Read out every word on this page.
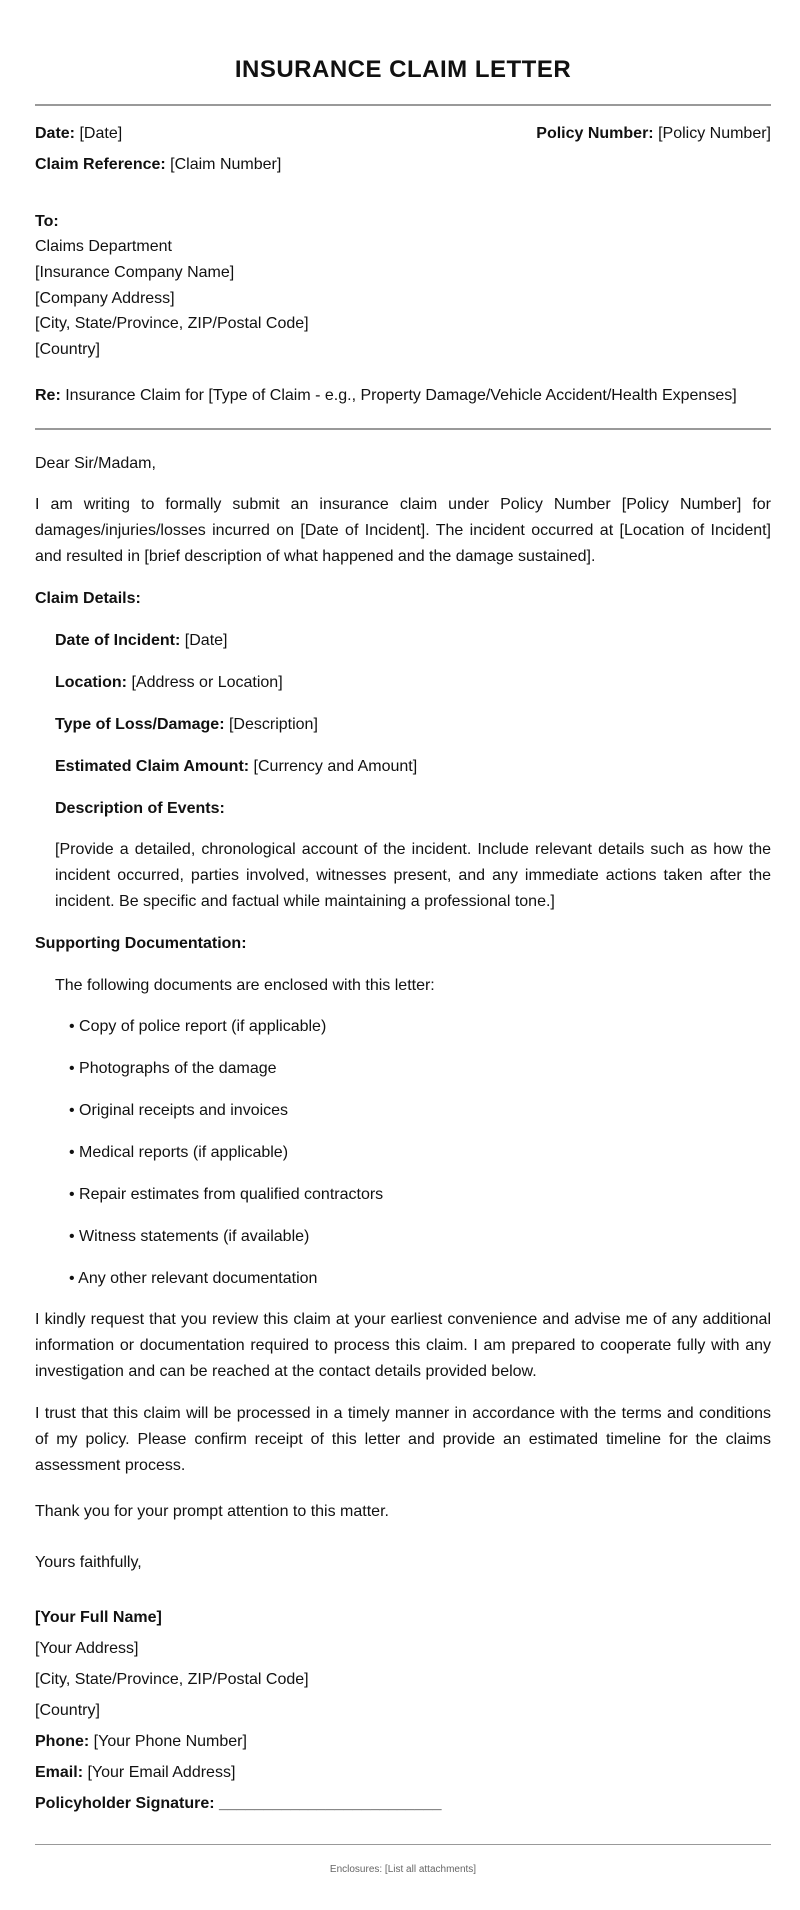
INSURANCE CLAIM LETTER
Date: [Date]	Policy Number: [Policy Number]
Claim Reference: [Claim Number]
To:
Claims Department
[Insurance Company Name]
[Company Address]
[City, State/Province, ZIP/Postal Code]
[Country]
Re: Insurance Claim for [Type of Claim - e.g., Property Damage/Vehicle Accident/Health Expenses]
Dear Sir/Madam,
I am writing to formally submit an insurance claim under Policy Number [Policy Number] for damages/injuries/losses incurred on [Date of Incident]. The incident occurred at [Location of Incident] and resulted in [brief description of what happened and the damage sustained].
Claim Details:
Date of Incident: [Date]
Location: [Address or Location]
Type of Loss/Damage: [Description]
Estimated Claim Amount: [Currency and Amount]
Description of Events:
[Provide a detailed, chronological account of the incident. Include relevant details such as how the incident occurred, parties involved, witnesses present, and any immediate actions taken after the incident. Be specific and factual while maintaining a professional tone.]
Supporting Documentation:
The following documents are enclosed with this letter:
• Copy of police report (if applicable)
• Photographs of the damage
• Original receipts and invoices
• Medical reports (if applicable)
• Repair estimates from qualified contractors
• Witness statements (if available)
• Any other relevant documentation
I kindly request that you review this claim at your earliest convenience and advise me of any additional information or documentation required to process this claim. I am prepared to cooperate fully with any investigation and can be reached at the contact details provided below.
I trust that this claim will be processed in a timely manner in accordance with the terms and conditions of my policy. Please confirm receipt of this letter and provide an estimated timeline for the claims assessment process.
Thank you for your prompt attention to this matter.
Yours faithfully,
[Your Full Name]
[Your Address]
[City, State/Province, ZIP/Postal Code]
[Country]
Phone: [Your Phone Number]
Email: [Your Email Address]
Policyholder Signature: _________________________
Enclosures: [List all attachments]
